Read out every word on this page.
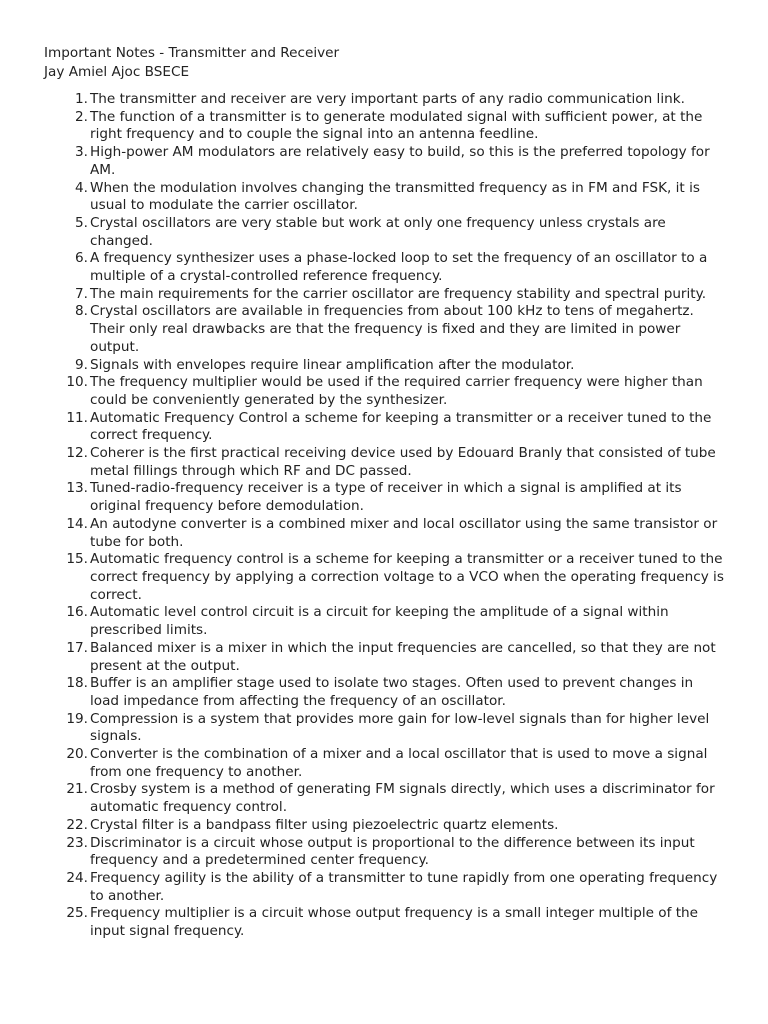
Important Notes - Transmitter and Receiver

Jay Amiel Ajoc BSECE

1. The transmitter and receiver are very important parts of any radio communication link.
2. The function of a transmitter is to generate modulated signal with sufficient power, at the right frequency and to couple the signal into an antenna feedline.
3. High-power AM modulators are relatively easy to build, so this is the preferred topology for AM.
4. When the modulation involves changing the transmitted frequency as in FM and FSK, it is usual to modulate the carrier oscillator.
5. Crystal oscillators are very stable but work at only one frequency unless crystals are changed.
6. A frequency synthesizer uses a phase-locked loop to set the frequency of an oscillator to a multiple of a crystal-controlled reference frequency.
7. The main requirements for the carrier oscillator are frequency stability and spectral purity.
8. Crystal oscillators are available in frequencies from about 100 kHz to tens of megahertz. Their only real drawbacks are that the frequency is fixed and they are limited in power output.
9. Signals with envelopes require linear amplification after the modulator.
10. The frequency multiplier would be used if the required carrier frequency were higher than could be conveniently generated by the synthesizer.
11. Automatic Frequency Control a scheme for keeping a transmitter or a receiver tuned to the correct frequency.
12. Coherer is the first practical receiving device used by Edouard Branly that consisted of tube metal fillings through which RF and DC passed.
13. Tuned-radio-frequency receiver is a type of receiver in which a signal is amplified at its original frequency before demodulation.
14. An autodyne converter is a combined mixer and local oscillator using the same transistor or tube for both.
15. Automatic frequency control is a scheme for keeping a transmitter or a receiver tuned to the correct frequency by applying a correction voltage to a VCO when the operating frequency is correct.
16. Automatic level control circuit is a circuit for keeping the amplitude of a signal within prescribed limits.
17. Balanced mixer is a mixer in which the input frequencies are cancelled, so that they are not present at the output.
18. Buffer is an amplifier stage used to isolate two stages. Often used to prevent changes in load impedance from affecting the frequency of an oscillator.
19. Compression is a system that provides more gain for low-level signals than for higher level signals.
20. Converter is the combination of a mixer and a local oscillator that is used to move a signal from one frequency to another.
21. Crosby system is a method of generating FM signals directly, which uses a discriminator for automatic frequency control.
22. Crystal filter is a bandpass filter using piezoelectric quartz elements.
23. Discriminator is a circuit whose output is proportional to the difference between its input frequency and a predetermined center frequency.
24. Frequency agility is the ability of a transmitter to tune rapidly from one operating frequency to another.
25. Frequency multiplier is a circuit whose output frequency is a small integer multiple of the input signal frequency.
